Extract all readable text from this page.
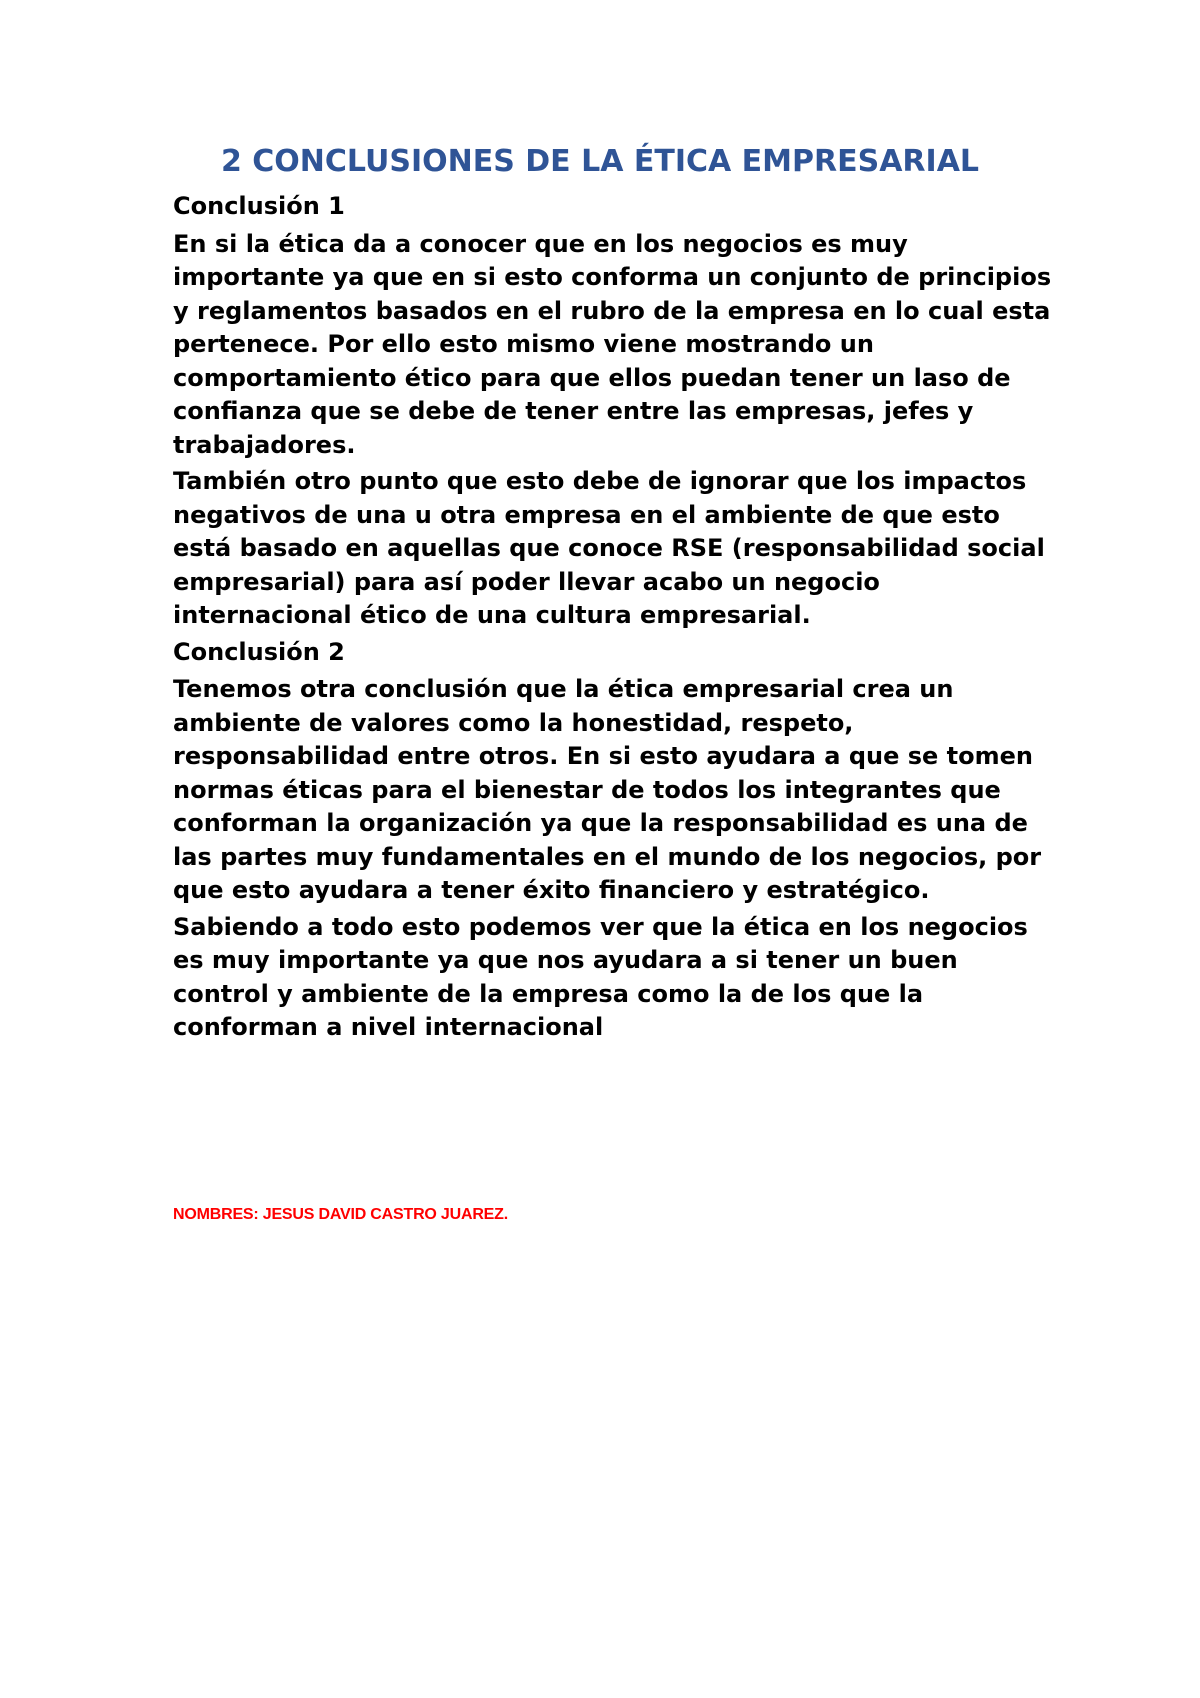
2 CONCLUSIONES DE LA ÉTICA EMPRESARIAL

Conclusión 1

En si la ética da a conocer que en los negocios es muy importante ya que en si esto conforma un conjunto de principios y reglamentos basados en el rubro de la empresa en lo cual esta pertenece. Por ello esto mismo viene mostrando un comportamiento ético para que ellos puedan tener un laso de confianza que se debe de tener entre las empresas, jefes y trabajadores.

También otro punto que esto debe de ignorar que los impactos negativos de una u otra empresa en el ambiente de que esto está basado en aquellas que conoce RSE (responsabilidad social empresarial) para así poder llevar acabo un negocio internacional ético de una cultura empresarial.

Conclusión 2

Tenemos otra conclusión que la ética empresarial crea un ambiente de valores como la honestidad, respeto, responsabilidad entre otros. En si esto ayudara a que se tomen normas éticas para el bienestar de todos los integrantes que conforman la organización ya que la responsabilidad es una de las partes muy fundamentales en el mundo de los negocios, por que esto ayudara a tener éxito financiero y estratégico.

Sabiendo a todo esto podemos ver que la ética en los negocios es muy importante ya que nos ayudara a si tener un buen control y ambiente de la empresa como la de los que la conforman a nivel internacional

NOMBRES: JESUS DAVID CASTRO JUAREZ.
